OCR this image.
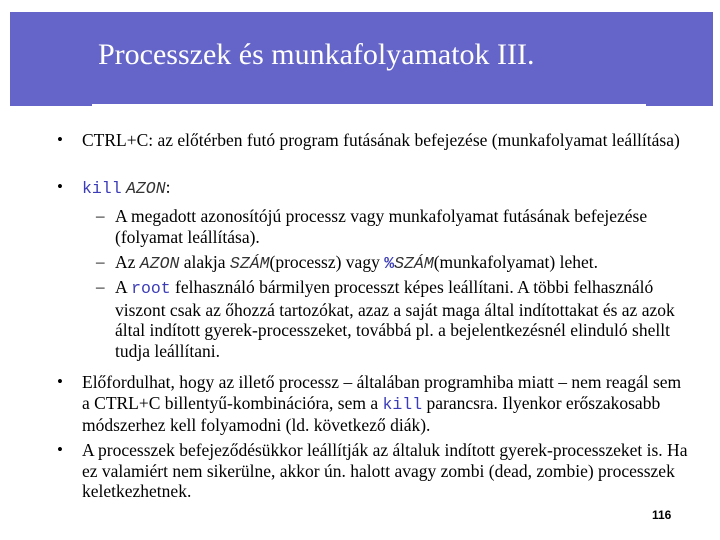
Processzek és munkafolyamatok III.
• CTRL+C: az előtérben futó program futásának befejezése (munkafolyamat leállítása)
• kill AZON:
– A megadott azonosítójú processz vagy munkafolyamat futásának befejezése (folyamat leállítása).
– Az AZON alakja SZÁM(processz) vagy %SZÁM(munkafolyamat) lehet.
– A root felhasználó bármilyen processzt képes leállítani. A többi felhasználó viszont csak az őhozzá tartozókat, azaz a saját maga által indítottakat és az azok által indított gyerek-processzeket, továbbá pl. a bejelentkezésnél elinduló shellt tudja leállítani.
• Előfordulhat, hogy az illető processz – általában programhiba miatt – nem reagál sem a CTRL+C billentyű-kombinációra, sem a kill parancsra. Ilyenkor erőszakosabb módszerhez kell folyamodni (ld. következő diák).
• A processzek befejeződésükkor leállítják az általuk indított gyerek-processzeket is. Ha ez valamiért nem sikerülne, akkor ún. halott avagy zombi (dead, zombie) processzek keletkezhetnek.
116
